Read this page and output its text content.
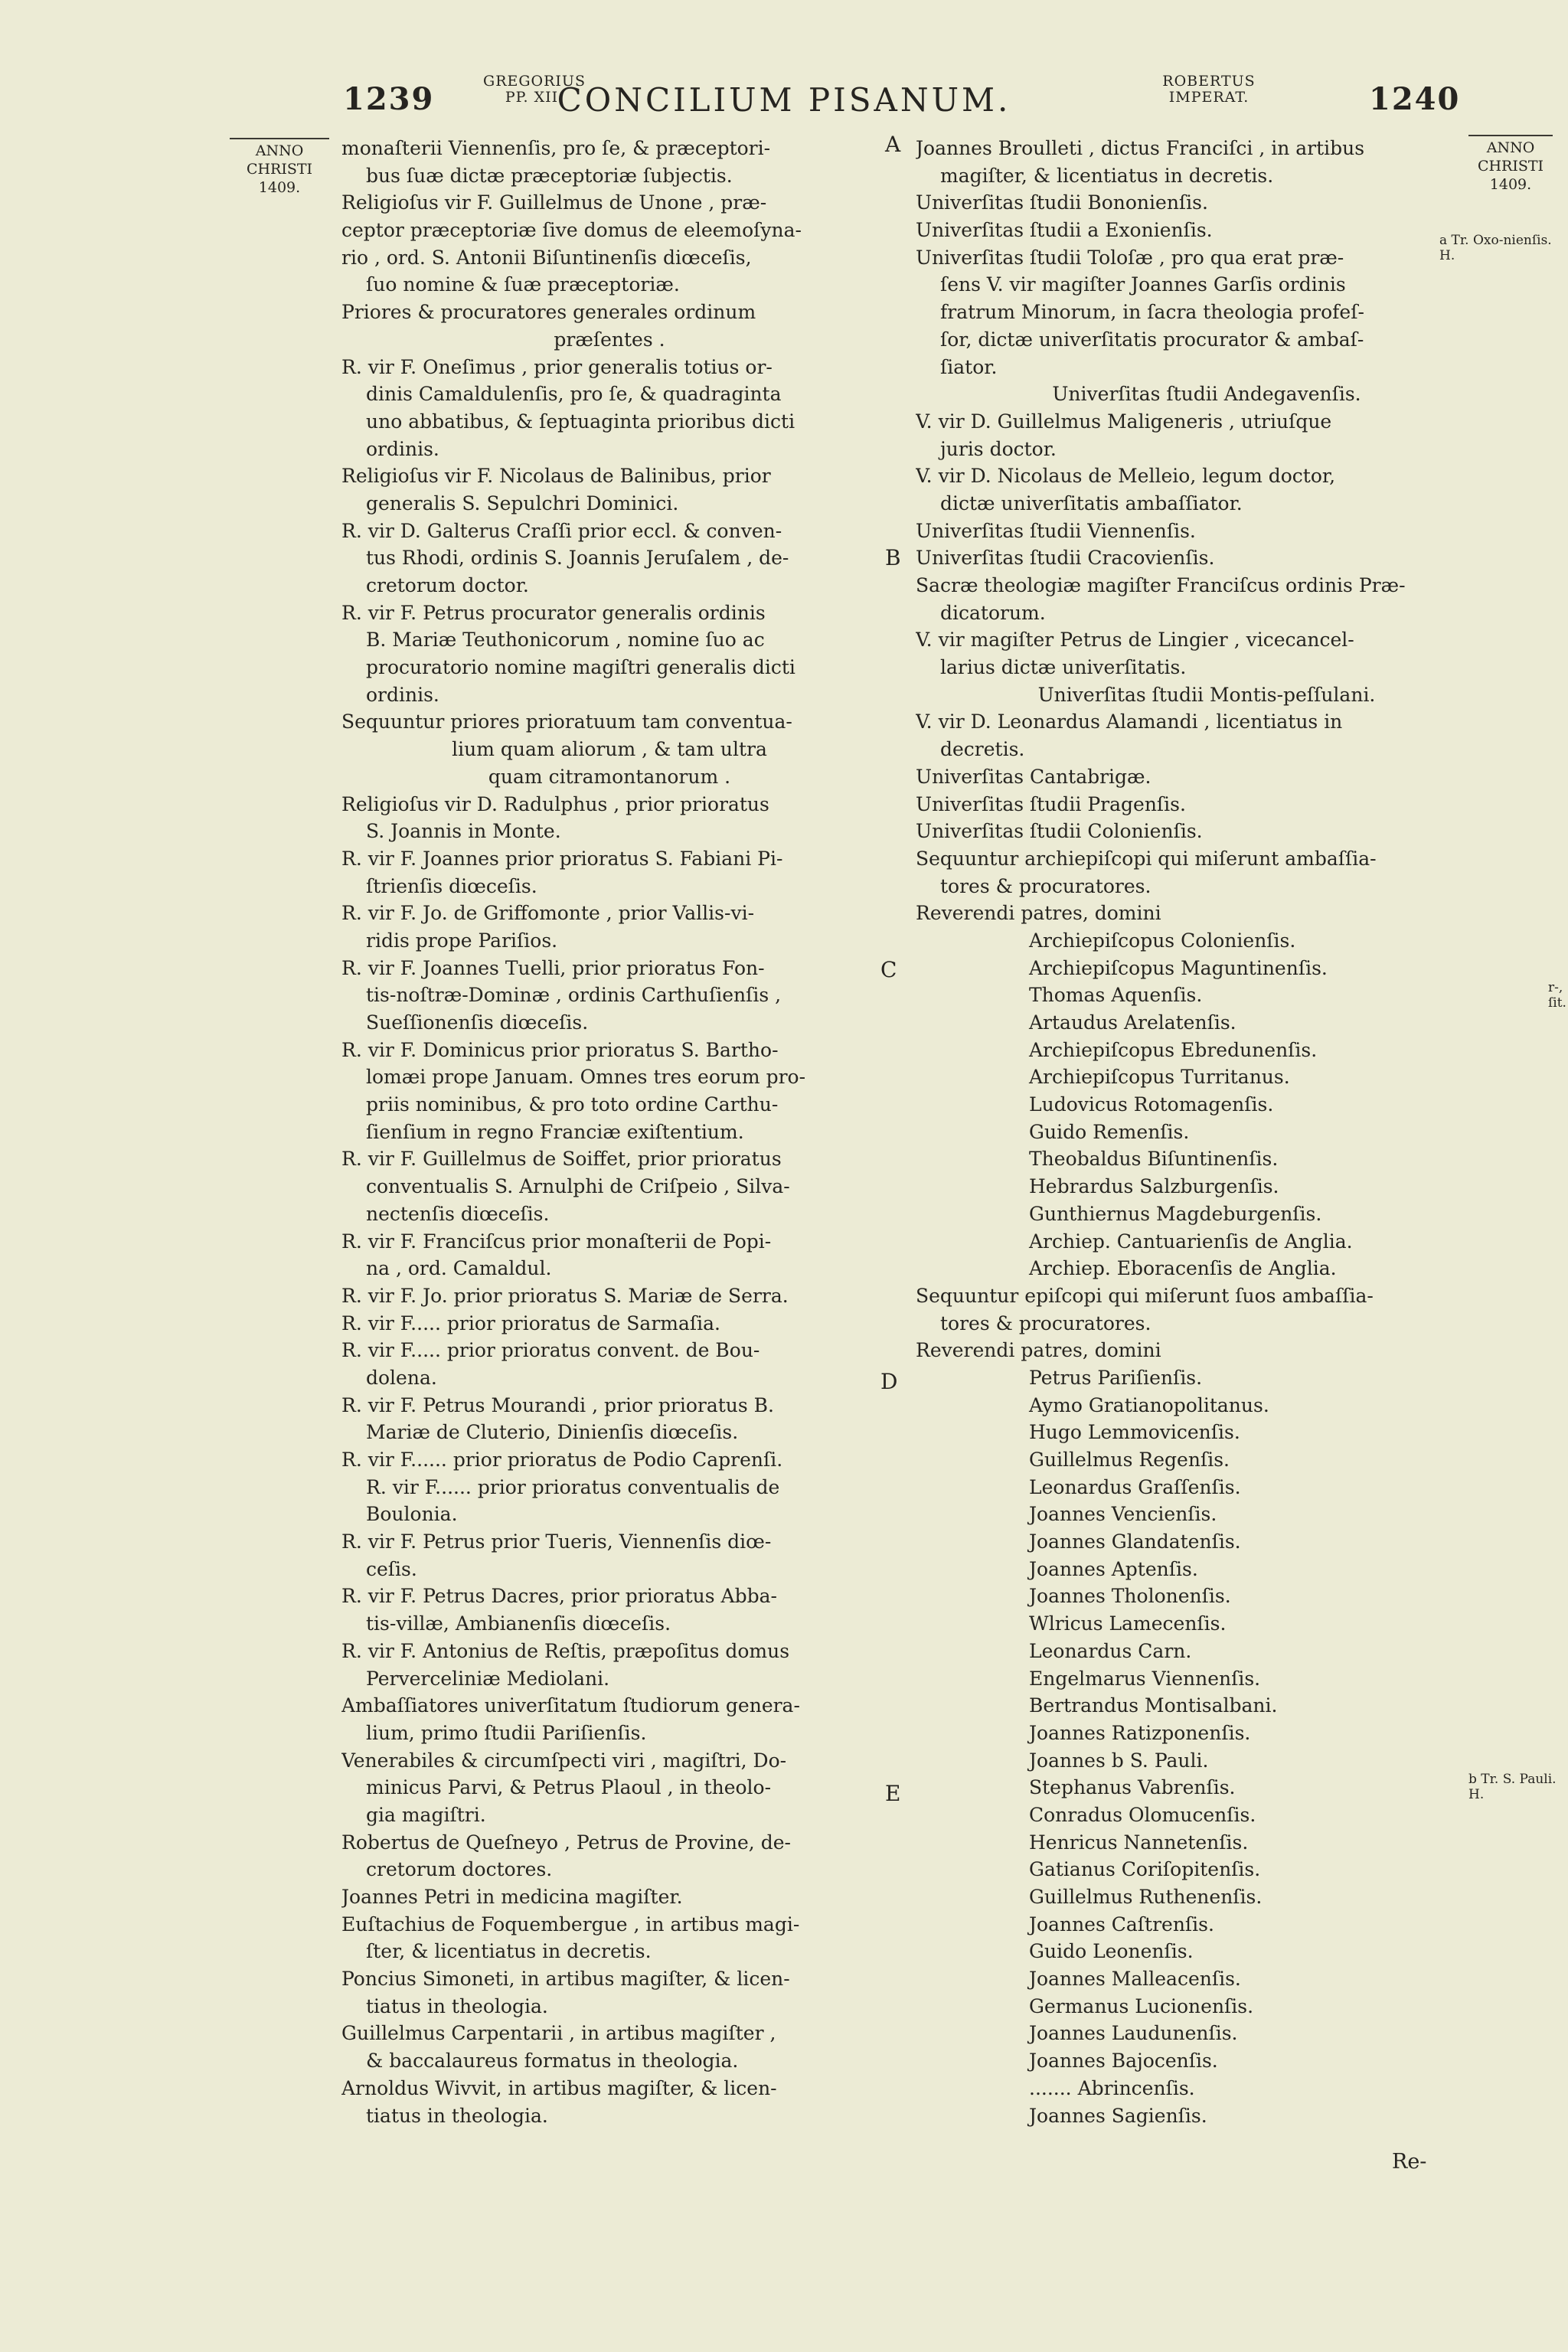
1239	GREGORIUS
PP. XII.
CONCILIUM PISANUM.	ROBERTUS
IMPERAT.	1240
ANNO
CHRISTI
1409.
ANNO
CHRISTI
1409.
a Tr. Oxo-nienſis. H.
r-, ſit.
b Tr. S. Pauli. H.
A
B
C
D
E
monaſterii Viennenſis, pro ſe, & præceptori-
bus ſuæ dictæ præceptoriæ ſubjectis.
Religioſus vir F. Guillelmus de Unone , præ-
ceptor præceptoriæ ſive domus de eleemoſyna-
rio , ord. S. Antonii Biſuntinenſis diœceſis,
ſuo nomine & ſuæ præceptoriæ.
Priores & procuratores generales ordinum
præſentes .
R. vir F. Oneſimus , prior generalis totius or-
dinis Camaldulenſis, pro ſe, & quadraginta
uno abbatibus, & ſeptuaginta prioribus dicti
ordinis.
Religioſus vir F. Nicolaus de Balinibus, prior
generalis S. Sepulchri Dominici.
R. vir D. Galterus Craſſi prior eccl. & conven-
tus Rhodi, ordinis S. Joannis Jeruſalem , de-
cretorum doctor.
R. vir F. Petrus procurator generalis ordinis
B. Mariæ Teuthonicorum , nomine ſuo ac
procuratorio nomine magiſtri generalis dicti
ordinis.
Sequuntur priores prioratuum tam conventua-
lium quam aliorum , & tam ultra
quam citramontanorum .
Religioſus vir D. Radulphus , prior prioratus
S. Joannis in Monte.
R. vir F. Joannes prior prioratus S. Fabiani Pi-
ſtrienſis diœceſis.
R. vir F. Jo. de Griffomonte , prior Vallis-vi-
ridis prope Pariſios.
R. vir F. Joannes Tuelli, prior prioratus Fon-
tis-noſtræ-Dominæ , ordinis Carthuſienſis ,
Sueſſionenſis diœceſis.
R. vir F. Dominicus prior prioratus S. Bartho-
lomæi prope Januam. Omnes tres eorum pro-
priis nominibus, & pro toto ordine Carthu-
ſienſium in regno Franciæ exiſtentium.
R. vir F. Guillelmus de Soiffet, prior prioratus
conventualis S. Arnulphi de Criſpeio , Silva-
nectenſis diœceſis.
R. vir F. Franciſcus prior monaſterii de Popi-
na , ord. Camaldul.
R. vir F. Jo. prior prioratus S. Mariæ de Serra.
R. vir F..... prior prioratus de Sarmaſia.
R. vir F..... prior prioratus convent. de Bou-
dolena.
R. vir F. Petrus Mourandi , prior prioratus B.
Mariæ de Cluterio, Dinienſis diœceſis.
R. vir F...... prior prioratus de Podio Caprenſi.
R. vir F...... prior prioratus conventualis de
Boulonia.
R. vir F. Petrus prior Tueris, Viennenſis diœ-
ceſis.
R. vir F. Petrus Dacres, prior prioratus Abba-
tis-villæ, Ambianenſis diœceſis.
R. vir F. Antonius de Reſtis, præpoſitus domus
Perverceliniæ Mediolani.
Ambaſſiatores univerſitatum ſtudiorum genera-
lium, primo ſtudii Pariſienſis.
Venerabiles & circumſpecti viri , magiſtri, Do-
minicus Parvi, & Petrus Plaoul , in theolo-
gia magiſtri.
Robertus de Queſneyo , Petrus de Provine, de-
cretorum doctores.
Joannes Petri in medicina magiſter.
Euſtachius de Foquembergue , in artibus magi-
ſter, & licentiatus in decretis.
Poncius Simoneti, in artibus magiſter, & licen-
tiatus in theologia.
Guillelmus Carpentarii , in artibus magiſter ,
& baccalaureus formatus in theologia.
Arnoldus Wivvit, in artibus magiſter, & licen-
tiatus in theologia.
Joannes Broulleti , dictus Franciſci , in artibus
magiſter, & licentiatus in decretis.
Univerſitas ſtudii Bononienſis.
Univerſitas ſtudii a Exonienſis.
Univerſitas ſtudii Toloſæ , pro qua erat præ-
ſens V. vir magiſter Joannes Garſis ordinis
fratrum Minorum, in ſacra theologia profeſ-
ſor, dictæ univerſitatis procurator & ambaſ-
ſiator.
Univerſitas ſtudii Andegavenſis.
V. vir D. Guillelmus Maligeneris , utriuſque
juris doctor.
V. vir D. Nicolaus de Melleio, legum doctor,
dictæ univerſitatis ambaſſiator.
Univerſitas ſtudii Viennenſis.
Univerſitas ſtudii Cracovienſis.
Sacræ theologiæ magiſter Franciſcus ordinis Præ-
dicatorum.
V. vir magiſter Petrus de Lingier , vicecancel-
larius dictæ univerſitatis.
Univerſitas ſtudii Montis-peſſulani.
V. vir D. Leonardus Alamandi , licentiatus in
decretis.
Univerſitas Cantabrigæ.
Univerſitas ſtudii Pragenſis.
Univerſitas ſtudii Colonienſis.
Sequuntur archiepiſcopi qui miſerunt ambaſſia-
tores & procuratores.
Reverendi patres, domini
Archiepiſcopus Colonienſis.
Archiepiſcopus Maguntinenſis.
Thomas Aquenſis.
Artaudus Arelatenſis.
Archiepiſcopus Ebredunenſis.
Archiepiſcopus Turritanus.
Ludovicus Rotomagenſis.
Guido Remenſis.
Theobaldus Biſuntinenſis.
Hebrardus Salzburgenſis.
Gunthiernus Magdeburgenſis.
Archiep. Cantuarienſis de Anglia.
Archiep. Eboracenſis de Anglia.
Sequuntur epiſcopi qui miſerunt ſuos ambaſſia-
tores & procuratores.
Reverendi patres, domini
Petrus Pariſienſis.
Aymo Gratianopolitanus.
Hugo Lemmovicenſis.
Guillelmus Regenſis.
Leonardus Graſſenſis.
Joannes Vencienſis.
Joannes Glandatenſis.
Joannes Aptenſis.
Joannes Tholonenſis.
Wlricus Lamecenſis.
Leonardus Carn.
Engelmarus Viennenſis.
Bertrandus Montisalbani.
Joannes Ratizponenſis.
Joannes b S. Pauli.
Stephanus Vabrenſis.
Conradus Olomucenſis.
Henricus Nannetenſis.
Gatianus Coriſopitenſis.
Guillelmus Ruthenenſis.
Joannes Caſtrenſis.
Guido Leonenſis.
Joannes Malleacenſis.
Germanus Lucionenſis.
Joannes Laudunenſis.
Joannes Bajocenſis.
....... Abrincenſis.
Joannes Sagienſis.
Re-
